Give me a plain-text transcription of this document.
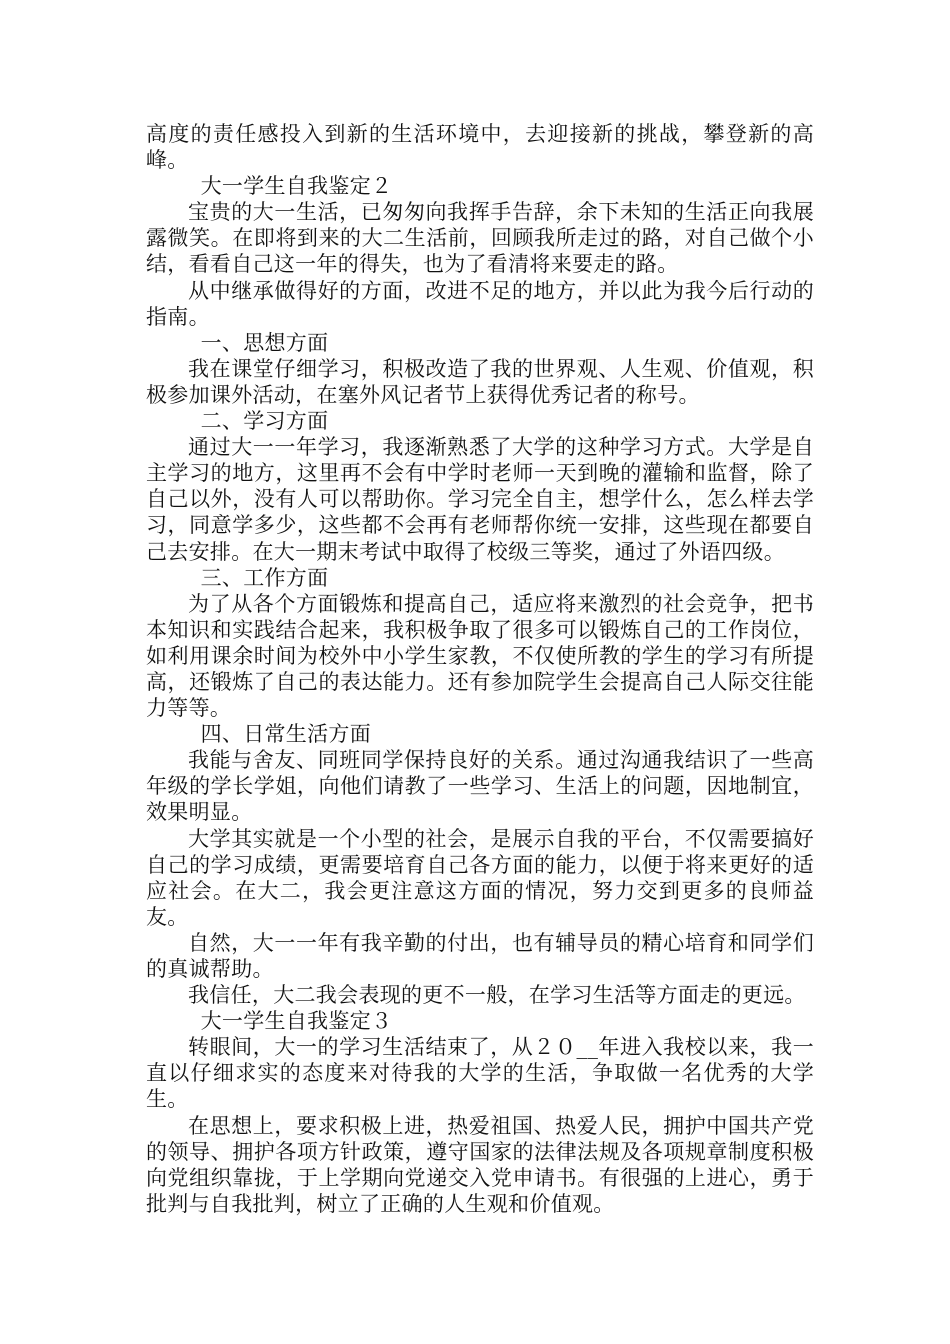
高度的责任感投入到新的生活环境中，去迎接新的挑战，攀登新的高峰。

大一学生自我鉴定２

宝贵的大一生活，已匆匆向我挥手告辞，余下未知的生活正向我展露微笑。在即将到来的大二生活前，回顾我所走过的路，对自己做个小结，看看自己这一年的得失，也为了看清将来要走的路。

从中继承做得好的方面，改进不足的地方，并以此为我今后行动的指南。

一、思想方面

我在课堂仔细学习，积极改造了我的世界观、人生观、价值观，积极参加课外活动，在塞外风记者节上获得优秀记者的称号。

二、学习方面

通过大一一年学习，我逐渐熟悉了大学的这种学习方式。大学是自主学习的地方，这里再不会有中学时老师一天到晚的灌输和监督，除了自己以外，没有人可以帮助你。学习完全自主，想学什么，怎么样去学习，同意学多少，这些都不会再有老师帮你统一安排，这些现在都要自己去安排。在大一期末考试中取得了校级三等奖，通过了外语四级。

三、工作方面

为了从各个方面锻炼和提高自己，适应将来激烈的社会竞争，把书本知识和实践结合起来，我积极争取了很多可以锻炼自己的工作岗位，如利用课余时间为校外中小学生家教，不仅使所教的学生的学习有所提高，还锻炼了自己的表达能力。还有参加院学生会提高自己人际交往能力等等。

四、日常生活方面

我能与舍友、同班同学保持良好的关系。通过沟通我结识了一些高年级的学长学姐，向他们请教了一些学习、生活上的问题，因地制宜，效果明显。

大学其实就是一个小型的社会，是展示自我的平台，不仅需要搞好自己的学习成绩，更需要培育自己各方面的能力，以便于将来更好的适应社会。在大二，我会更注意这方面的情况，努力交到更多的良师益友。

自然，大一一年有我辛勤的付出，也有辅导员的精心培育和同学们的真诚帮助。

我信任，大二我会表现的更不一般，在学习生活等方面走的更远。

大一学生自我鉴定３

转眼间，大一的学习生活结束了，从２０__年进入我校以来，我一直以仔细求实的态度来对待我的大学的生活，争取做一名优秀的大学生。

在思想上，要求积极上进，热爱祖国、热爱人民，拥护中国共产党的领导、拥护各项方针政策，遵守国家的法律法规及各项规章制度积极向党组织靠拢，于上学期向党递交入党申请书。有很强的上进心，勇于批判与自我批判，树立了正确的人生观和价值观。
